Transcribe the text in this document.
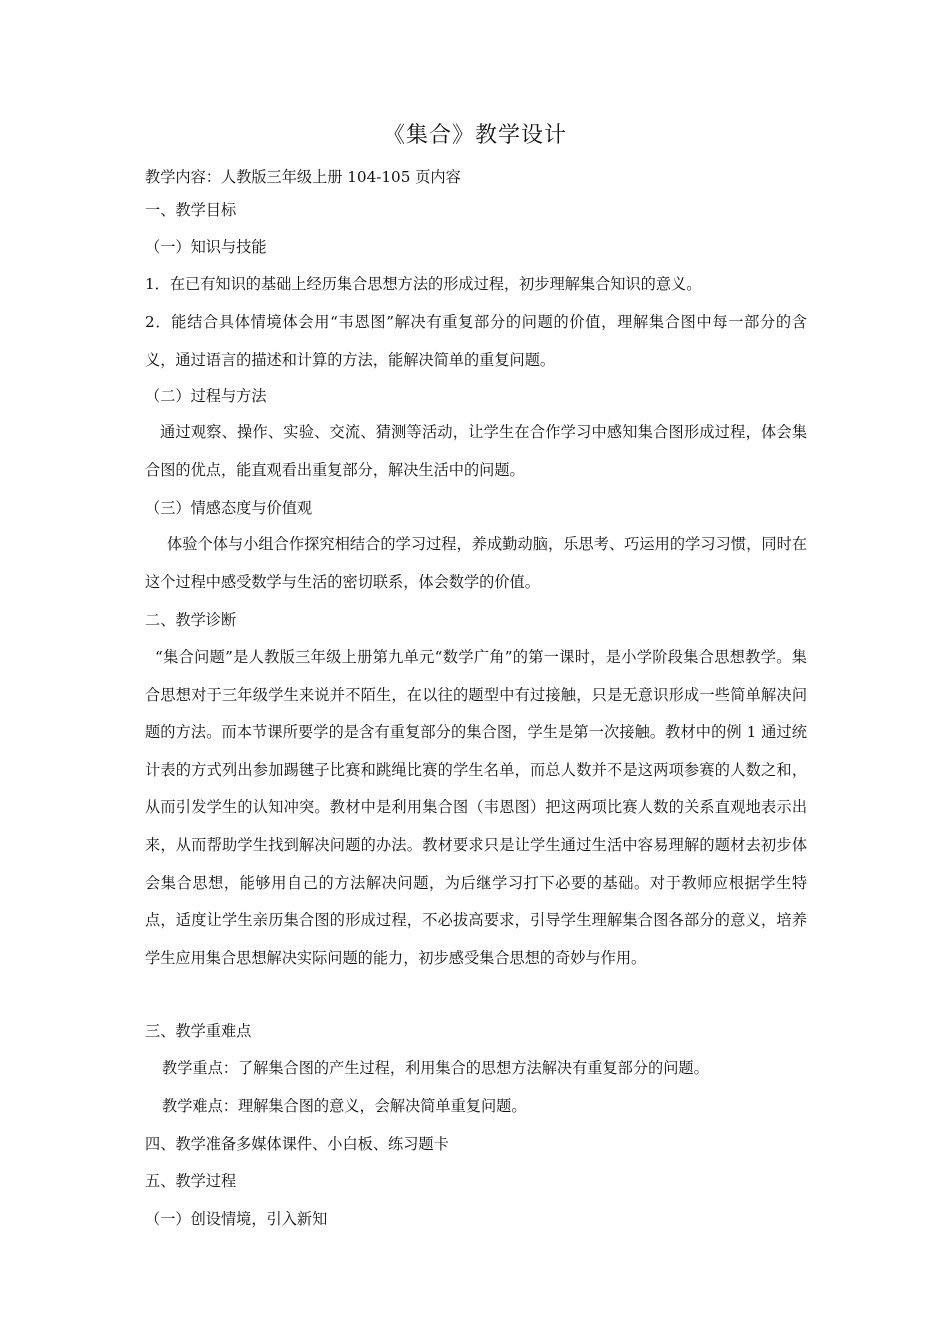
《集合》教学设计
教学内容：人教版三年级上册 104-105 页内容
一、教学目标
（一）知识与技能
1．在已有知识的基础上经历集合思想方法的形成过程，初步理解集合知识的意义。
2．能结合具体情境体会用“韦恩图”解决有重复部分的问题的价值，理解集合图中每一部分的含义，通过语言的描述和计算的方法，能解决简单的重复问题。
（二）过程与方法
通过观察、操作、实验、交流、猜测等活动，让学生在合作学习中感知集合图形成过程，体会集合图的优点，能直观看出重复部分，解决生活中的问题。
（三）情感态度与价值观
体验个体与小组合作探究相结合的学习过程，养成勤动脑，乐思考、巧运用的学习习惯，同时在这个过程中感受数学与生活的密切联系，体会数学的价值。
二、教学诊断
“集合问题”是人教版三年级上册第九单元“数学广角”的第一课时，是小学阶段集合思想教学。集合思想对于三年级学生来说并不陌生，在以往的题型中有过接触，只是无意识形成一些简单解决问题的方法。而本节课所要学的是含有重复部分的集合图，学生是第一次接触。教材中的例 1 通过统计表的方式列出参加踢毽子比赛和跳绳比赛的学生名单，而总人数并不是这两项参赛的人数之和，从而引发学生的认知冲突。教材中是利用集合图（韦恩图）把这两项比赛人数的关系直观地表示出来，从而帮助学生找到解决问题的办法。教材要求只是让学生通过生活中容易理解的题材去初步体会集合思想，能够用自己的方法解决问题，为后继学习打下必要的基础。对于教师应根据学生特点，适度让学生亲历集合图的形成过程，不必拔高要求，引导学生理解集合图各部分的意义，培养学生应用集合思想解决实际问题的能力，初步感受集合思想的奇妙与作用。
三、教学重难点
教学重点：了解集合图的产生过程，利用集合的思想方法解决有重复部分的问题。
教学难点：理解集合图的意义，会解决简单重复问题。
四、教学准备多媒体课件、小白板、练习题卡
五、教学过程
（一）创设情境，引入新知
